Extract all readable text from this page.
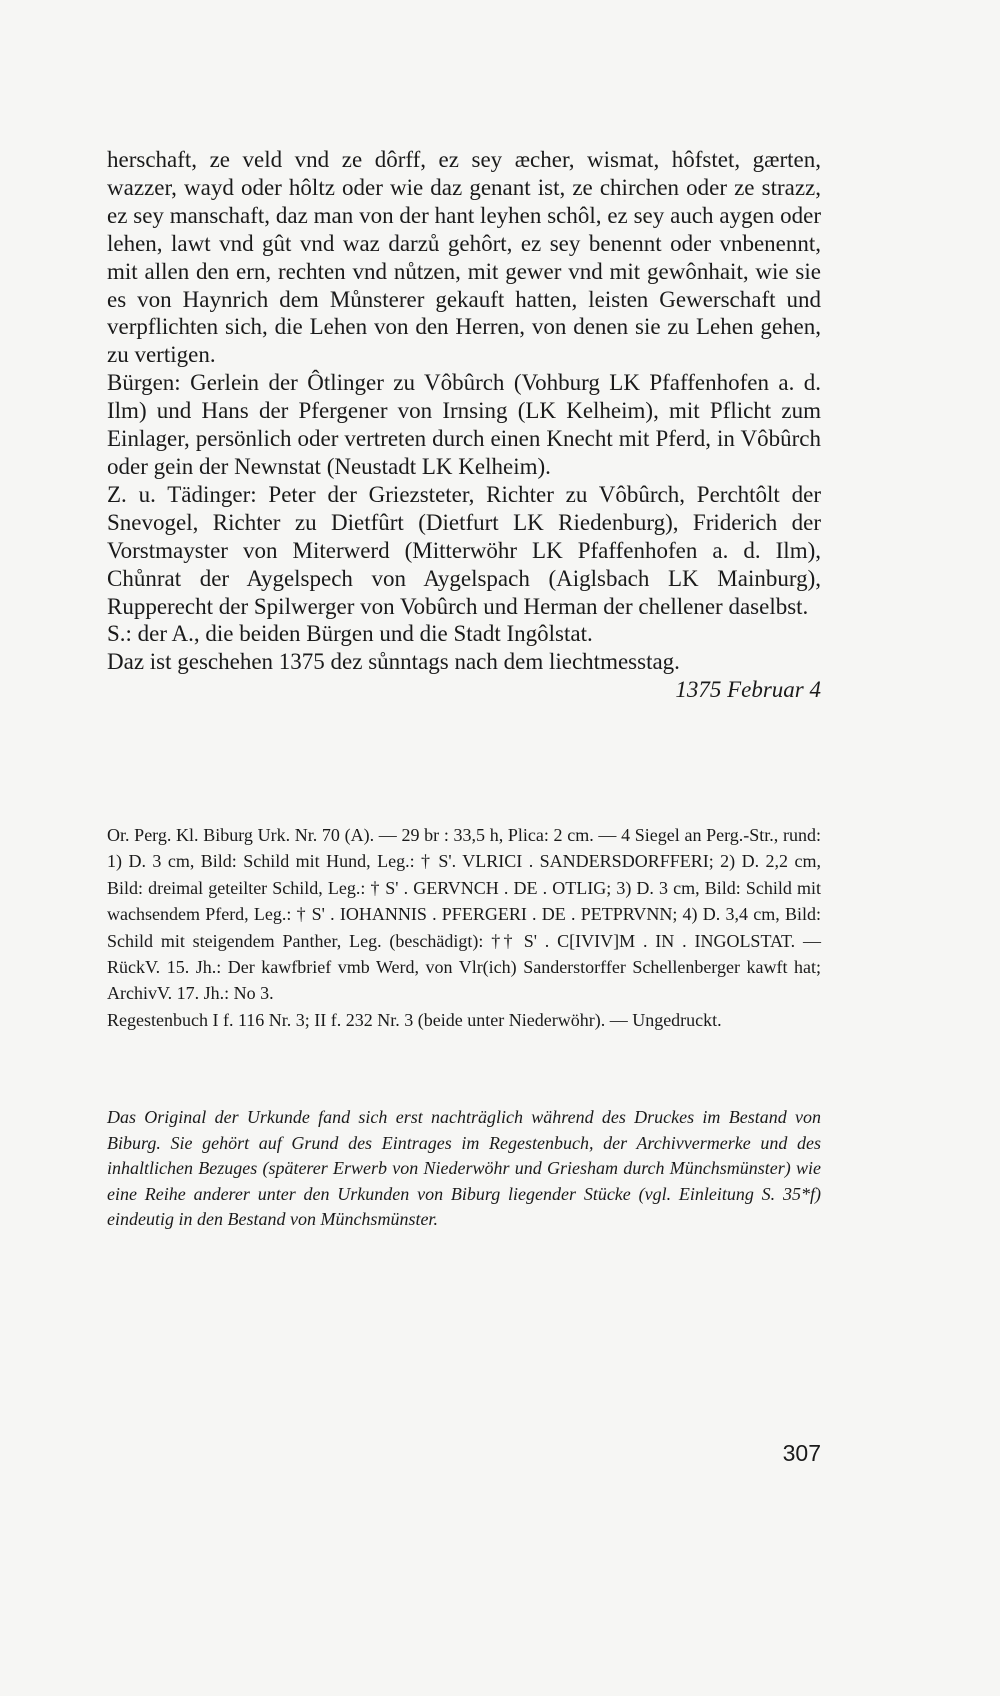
herschaft, ze veld vnd ze dôrff, ez sey æcher, wismat, hôfstet, gærten, wazzer, wayd oder hôltz oder wie daz genant ist, ze chirchen oder ze strazz, ez sey manschaft, daz man von der hant leyhen schôl, ez sey auch aygen oder lehen, lawt vnd gût vnd waz darzů gehôrt, ez sey benennt oder vnbenennt, mit allen den ern, rechten vnd nůtzen, mit gewer vnd mit gewônhait, wie sie es von Haynrich dem Můnsterer gekauft hatten, leisten Gewerschaft und verpflichten sich, die Lehen von den Herren, von denen sie zu Lehen gehen, zu vertigen.

Bürgen: Gerlein der Ôtlinger zu Vôbûrch (Vohburg LK Pfaffenhofen a. d. Ilm) und Hans der Pfergener von Irnsing (LK Kelheim), mit Pflicht zum Einlager, persönlich oder vertreten durch einen Knecht mit Pferd, in Vôbûrch oder gein der Newnstat (Neustadt LK Kelheim).

Z. u. Tädinger: Peter der Griezsteter, Richter zu Vôbûrch, Perchtôlt der Snevogel, Richter zu Dietfûrt (Dietfurt LK Riedenburg), Friderich der Vorstmayster von Miterwerd (Mitterwöhr LK Pfaffenhofen a. d. Ilm), Chůnrat der Aygelspech von Aygelspach (Aiglsbach LK Mainburg), Rupperecht der Spilwerger von Vobûrch und Herman der chellener daselbst.

S.: der A., die beiden Bürgen und die Stadt Ingôlstat.

Daz ist geschehen 1375 dez sůnntags nach dem liechtmesstag.

1375 Februar 4

Or. Perg. Kl. Biburg Urk. Nr. 70 (A). — 29 br : 33,5 h, Plica: 2 cm. — 4 Siegel an Perg.-Str., rund: 1) D. 3 cm, Bild: Schild mit Hund, Leg.: † S'. VLRICI . SANDERSDORFFERI; 2) D. 2,2 cm, Bild: dreimal geteilter Schild, Leg.: † S' . GERVNCH . DE . OTLIG; 3) D. 3 cm, Bild: Schild mit wachsendem Pferd, Leg.: † S' . IOHANNIS . PFERGERI . DE . PETPRVNN; 4) D. 3,4 cm, Bild: Schild mit steigendem Panther, Leg. (beschädigt): †† S' . C[IVIV]M . IN . INGOLSTAT. — RückV. 15. Jh.: Der kawfbrief vmb Werd, von Vlr(ich) Sanderstorffer Schellenberger kawft hat; ArchivV. 17. Jh.: No 3.

Regestenbuch I f. 116 Nr. 3; II f. 232 Nr. 3 (beide unter Niederwöhr). — Ungedruckt.

Das Original der Urkunde fand sich erst nachträglich während des Druckes im Bestand von Biburg. Sie gehört auf Grund des Eintrages im Regestenbuch, der Archivvermerke und des inhaltlichen Bezuges (späterer Erwerb von Niederwöhr und Griesham durch Münchsmünster) wie eine Reihe anderer unter den Urkunden von Biburg liegender Stücke (vgl. Einleitung S. 35*f) eindeutig in den Bestand von Münchsmünster.

307
